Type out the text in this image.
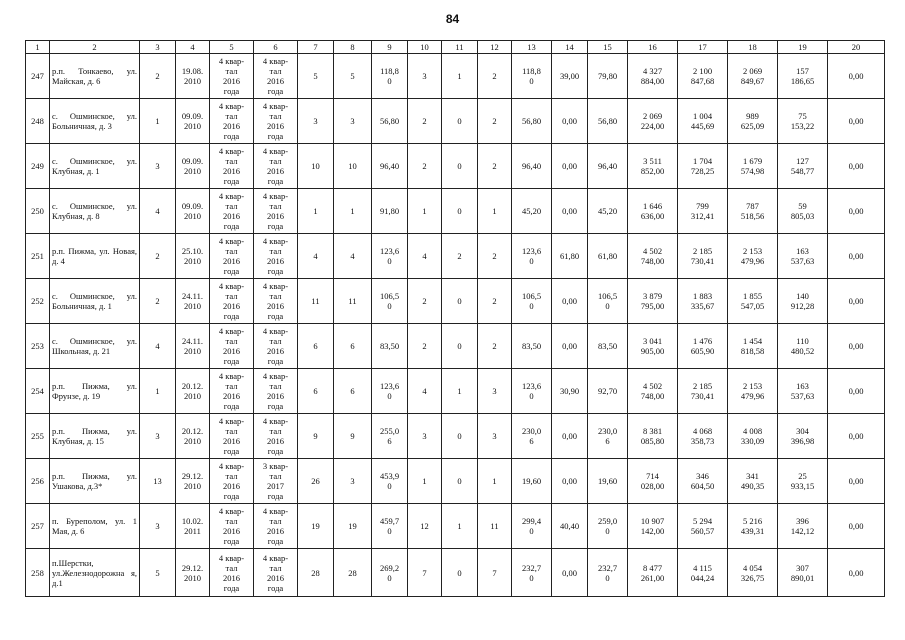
84
1	2	3	4	5	6	7	8	9	10	11	12	13	14	15	16	17	18	19	20
247	р.п. Тонкаево, ул. Майская, д. 6	2	19.08.
2010	4 квар-
тал
2016
года	4 квар-
тал
2016
года	5	5	118,8
0	3	1	2	118,8
0	39,00	79,80	4 327
884,00	2 100
847,68	2 069
849,67	157
186,65	0,00
248	с. Ошминское, ул. Больничная, д. 3	1	09.09.
2010	4 квар-
тал
2016
года	4 квар-
тал
2016
года	3	3	56,80	2	0	2	56,80	0,00	56,80	2 069
224,00	1 004
445,69	989
625,09	75
153,22	0,00
249	с. Ошминское, ул. Клубная, д. 1	3	09.09.
2010	4 квар-
тал
2016
года	4 квар-
тал
2016
года	10	10	96,40	2	0	2	96,40	0,00	96,40	3 511
852,00	1 704
728,25	1 679
574,98	127
548,77	0,00
250	с. Ошминское, ул. Клубная, д. 8	4	09.09.
2010	4 квар-
тал
2016
года	4 квар-
тал
2016
года	1	1	91,80	1	0	1	45,20	0,00	45,20	1 646
636,00	799
312,41	787
518,56	59
805,03	0,00
251	р.п. Пижма, ул. Новая, д. 4	2	25.10.
2010	4 квар-
тал
2016
года	4 квар-
тал
2016
года	4	4	123,6
0	4	2	2	123,6
0	61,80	61,80	4 502
748,00	2 185
730,41	2 153
479,96	163
537,63	0,00
252	с. Ошминское, ул. Больничная, д. 1	2	24.11.
2010	4 квар-
тал
2016
года	4 квар-
тал
2016
года	11	11	106,5
0	2	0	2	106,5
0	0,00	106,5
0	3 879
795,00	1 883
335,67	1 855
547,05	140
912,28	0,00
253	с. Ошминское, ул. Школьная, д. 21	4	24.11.
2010	4 квар-
тал
2016
года	4 квар-
тал
2016
года	6	6	83,50	2	0	2	83,50	0,00	83,50	3 041
905,00	1 476
605,90	1 454
818,58	110
480,52	0,00
254	р.п. Пижма, ул. Фрунзе, д. 19	1	20.12.
2010	4 квар-
тал
2016
года	4 квар-
тал
2016
года	6	6	123,6
0	4	1	3	123,6
0	30,90	92,70	4 502
748,00	2 185
730,41	2 153
479,96	163
537,63	0,00
255	р.п. Пижма, ул. Клубная, д. 15	3	20.12.
2010	4 квар-
тал
2016
года	4 квар-
тал
2016
года	9	9	255,0
6	3	0	3	230,0
6	0,00	230,0
6	8 381
085,80	4 068
358,73	4 008
330,09	304
396,98	0,00
256	р.п. Пижма, ул. Ушакова, д.3*	13	29.12.
2010	4 квар-
тал
2016
года	3 квар-
тал
2017
года	26	3	453,9
0	1	0	1	19,60	0,00	19,60	714
028,00	346
604,50	341
490,35	25
933,15	0,00
257	п. Буреполом, ул. 1 Мая, д. 6	3	10.02.
2011	4 квар-
тал
2016
года	4 квар-
тал
2016
года	19	19	459,7
0	12	1	11	299,4
0	40,40	259,0
0	10 907
142,00	5 294
560,57	5 216
439,31	396
142,12	0,00
258	п.Шерстки, ул.Железнодорожна я, д.1	5	29.12.
2010	4 квар-
тал
2016
года	4 квар-
тал
2016
года	28	28	269,2
0	7	0	7	232,7
0	0,00	232,7
0	8 477
261,00	4 115
044,24	4 054
326,75	307
890,01	0,00
